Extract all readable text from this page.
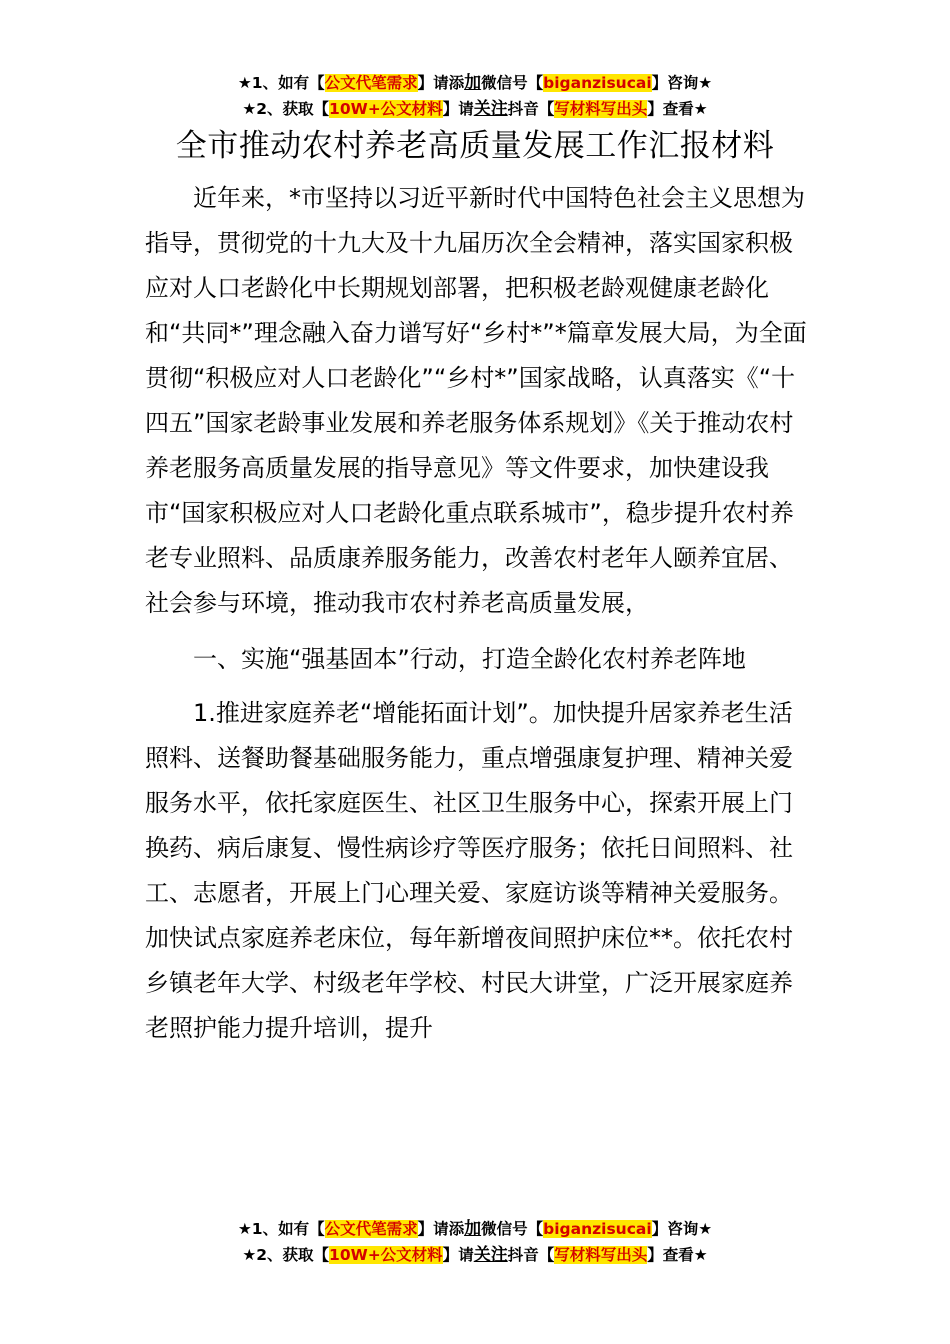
★1、如有【公文代笔需求】请添加微信号【biganzisucai】咨询★
★2、获取【10W+公文材料】请关注抖音【写材料写出头】查看★
全市推动农村养老高质量发展工作汇报材料

近年来，*市坚持以习近平新时代中国特色社会主义思想为指导，贯彻党的十九大及十九届历次全会精神，落实国家积极应对人口老龄化中长期规划部署，把积极老龄观健康老龄化和“共同*”理念融入奋力谱写好“乡村*”*篇章发展大局，为全面贯彻“积极应对人口老龄化”“乡村*”国家战略，认真落实《“十四五”国家老龄事业发展和养老服务体系规划》《关于推动农村养老服务高质量发展的指导意见》等文件要求，加快建设我市“国家积极应对人口老龄化重点联系城市”，稳步提升农村养老专业照料、品质康养服务能力，改善农村老年人颐养宜居、社会参与环境，推动我市农村养老高质量发展，

一、实施“强基固本”行动，打造全龄化农村养老阵地

1.推进家庭养老“增能拓面计划”。加快提升居家养老生活照料、送餐助餐基础服务能力，重点增强康复护理、精神关爱服务水平，依托家庭医生、社区卫生服务中心，探索开展上门换药、病后康复、慢性病诊疗等医疗服务；依托日间照料、社工、志愿者，开展上门心理关爱、家庭访谈等精神关爱服务。加快试点家庭养老床位，每年新增夜间照护床位**。依托农村乡镇老年大学、村级老年学校、村民大讲堂，广泛开展家庭养老照护能力提升培训，提升

★1、如有【公文代笔需求】请添加微信号【biganzisucai】咨询★
★2、获取【10W+公文材料】请关注抖音【写材料写出头】查看★
